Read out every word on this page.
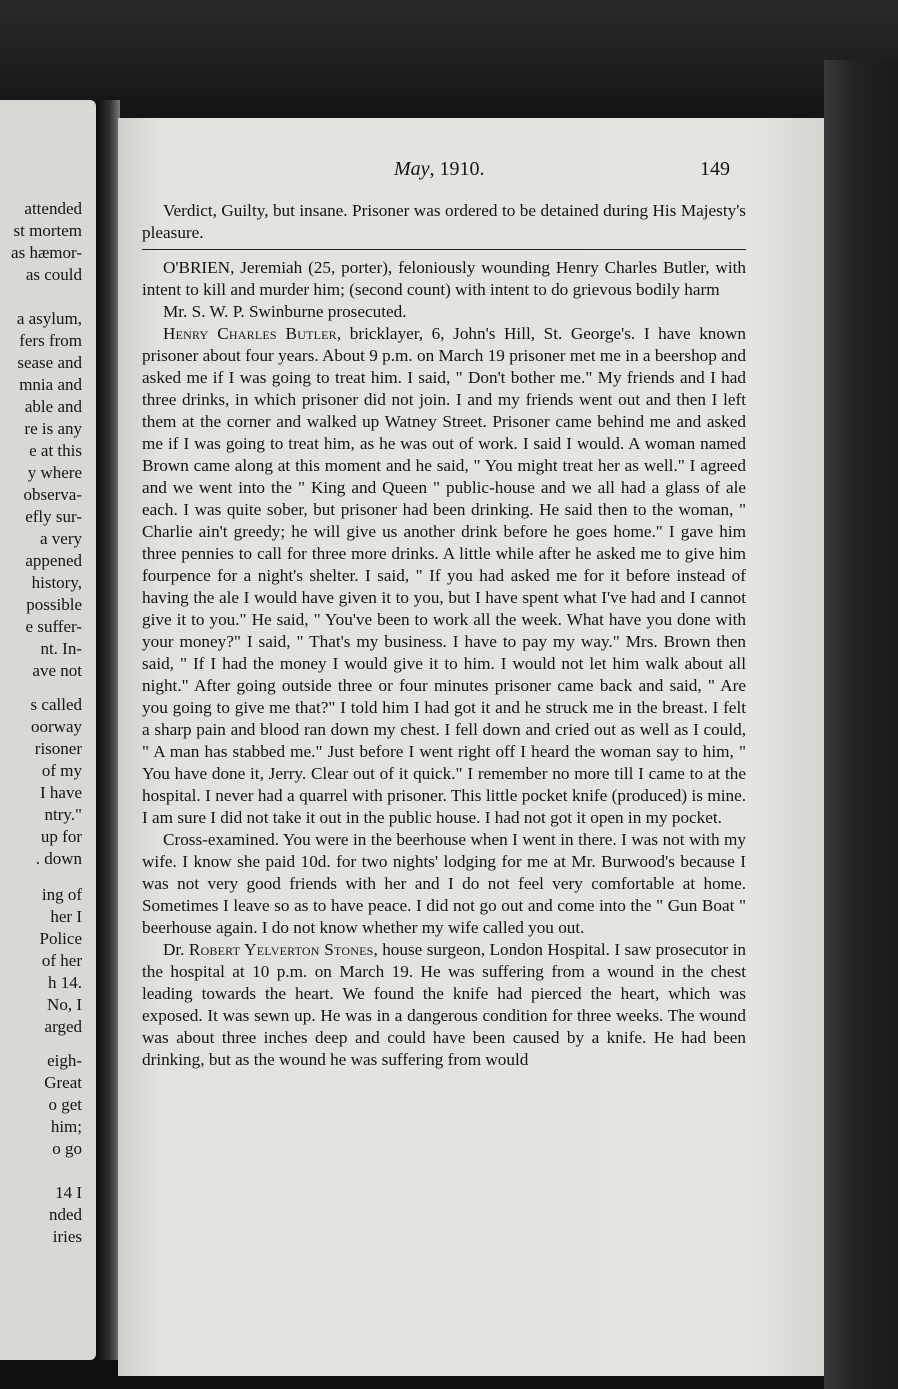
attended
st mortem
as hæmor-
as could
a asylum,
fers from
sease and
mnia and
able and
re is any
e at this
y where
observa-
efly sur-
a very
appened
history,
possible
e suffer-
nt. In-
ave not
s called
oorway
risoner
of my
I have
ntry."
up for
. down
ing of
her I
Police
of her
h 14.
No, I
arged
eigh-
Great
o get
him;
o go
14 I
nded
iries
May, 1910.	149

Verdict, Guilty, but insane. Prisoner was ordered to be detained during His Majesty's pleasure.

O'BRIEN, Jeremiah (25, porter), feloniously wounding Henry Charles Butler, with intent to kill and murder him; (second count) with intent to do grievous bodily harm

Mr. S. W. P. Swinburne prosecuted.

Henry Charles Butler, bricklayer, 6, John's Hill, St. George's. I have known prisoner about four years. About 9 p.m. on March 19 prisoner met me in a beershop and asked me if I was going to treat him. I said, " Don't bother me." My friends and I had three drinks, in which prisoner did not join. I and my friends went out and then I left them at the corner and walked up Watney Street. Prisoner came behind me and asked me if I was going to treat him, as he was out of work. I said I would. A woman named Brown came along at this moment and he said, " You might treat her as well." I agreed and we went into the " King and Queen " public-house and we all had a glass of ale each. I was quite sober, but prisoner had been drinking. He said then to the woman, " Charlie ain't greedy; he will give us another drink before he goes home." I gave him three pennies to call for three more drinks. A little while after he asked me to give him fourpence for a night's shelter. I said, " If you had asked me for it before instead of having the ale I would have given it to you, but I have spent what I've had and I cannot give it to you." He said, " You've been to work all the week. What have you done with your money?" I said, " That's my business. I have to pay my way." Mrs. Brown then said, " If I had the money I would give it to him. I would not let him walk about all night." After going outside three or four minutes prisoner came back and said, " Are you going to give me that?" I told him I had got it and he struck me in the breast. I felt a sharp pain and blood ran down my chest. I fell down and cried out as well as I could, " A man has stabbed me." Just before I went right off I heard the woman say to him, " You have done it, Jerry. Clear out of it quick." I remember no more till I came to at the hospital. I never had a quarrel with prisoner. This little pocket knife (produced) is mine. I am sure I did not take it out in the public house. I had not got it open in my pocket.

Cross-examined. You were in the beerhouse when I went in there. I was not with my wife. I know she paid 10d. for two nights' lodging for me at Mr. Burwood's because I was not very good friends with her and I do not feel very comfortable at home. Sometimes I leave so as to have peace. I did not go out and come into the " Gun Boat " beerhouse again. I do not know whether my wife called you out.

Dr. Robert Yelverton Stones, house surgeon, London Hospital. I saw prosecutor in the hospital at 10 p.m. on March 19. He was suffering from a wound in the chest leading towards the heart. We found the knife had pierced the heart, which was exposed. It was sewn up. He was in a dangerous condition for three weeks. The wound was about three inches deep and could have been caused by a knife. He had been drinking, but as the wound he was suffering from would
